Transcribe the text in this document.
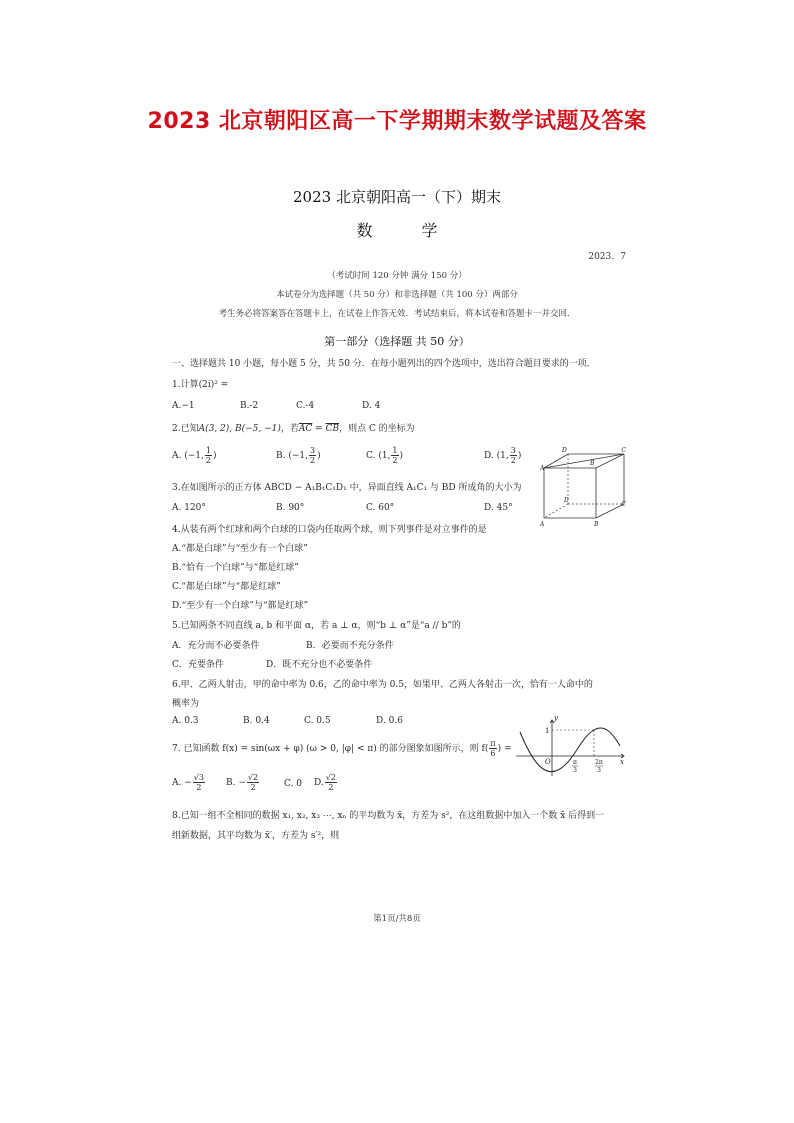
2023 北京朝阳区高一下学期期末数学试题及答案
2023 北京朝阳高一（下）期末
数 学
2023．7
（考试时间 120 分钟 满分 150 分）
本试卷分为选择题（共 50 分）和非选择题（共 100 分）两部分
考生务必将答案答在答题卡上，在试卷上作答无效．考试结束后，将本试卷和答题卡一并交回．
第一部分（选择题 共 50 分）
一、选择题共 10 小题，每小题 5 分，共 50 分．在每小题列出的四个选项中，选出符合题目要求的一项．
1.计算(2i)² =
A.−1	B.-2	C.-4	D. 4
2.已知A(3, 2), B(−5, −1)，若$\overline{AC} = \overline{CB}$，则点 C 的坐标为
A. (−1, $\frac{1}{2}$ )	B. (−1, $\frac{3}{2}$ )	C. (1, $\frac{1}{2}$ )	D. (1, $\frac{3}{2}$ )
D	C
A
B
D
C
A	B
3.在如图所示的正方体 ABCD − A₁B₁C₁D₁ 中，异面直线 A₁C₁ 与 BD 所成角的大小为
A. 120°	B. 90°	C. 60°	D. 45°
4.从装有两个红球和两个白球的口袋内任取两个球，则下列事件是对立事件的是
A.“都是白球”与“至少有一个白球”
B.“恰有一个白球”与“都是红球”
C.“都是白球”与“都是红球”
D.“至少有一个白球”与“都是红球”
5.已知两条不同直线 a, b 和平面 α，若 a ⊥ α，则“b ⊥ α”是“a // b”的
A．充分而不必要条件	B．必要而不充分条件
C．充要条件	D．既不充分也不必要条件
6.甲、乙两人射击，甲的命中率为 0.6，乙的命中率为 0.5，如果甲、乙两人各射击一次，恰有一人命中的
概率为
A. 0.3	B. 0.4	C. 0.5	D. 0.6	y
x
1
O	π
3
2π
3
7. 已知函数 f(x) = sin(ωx + φ) (ω > 0, |φ| < π) 的部分图象如图所示，则 $f( \frac{\pi}{6}$ ) =
A. − $\frac{√3}{2} B$. − $\frac{√2}{2}$	C. 0 D. $\frac{√2}{2}$
8.已知一组不全相同的数据 x₁, x₂, x₃ ⋯, xₙ 的平均数为 x̄，方差为 s²，在这组数据中加入一个数 x̄ 后得到一
组新数据，其平均数为 x̄′，方差为 s′²，则
第1页/共8页
